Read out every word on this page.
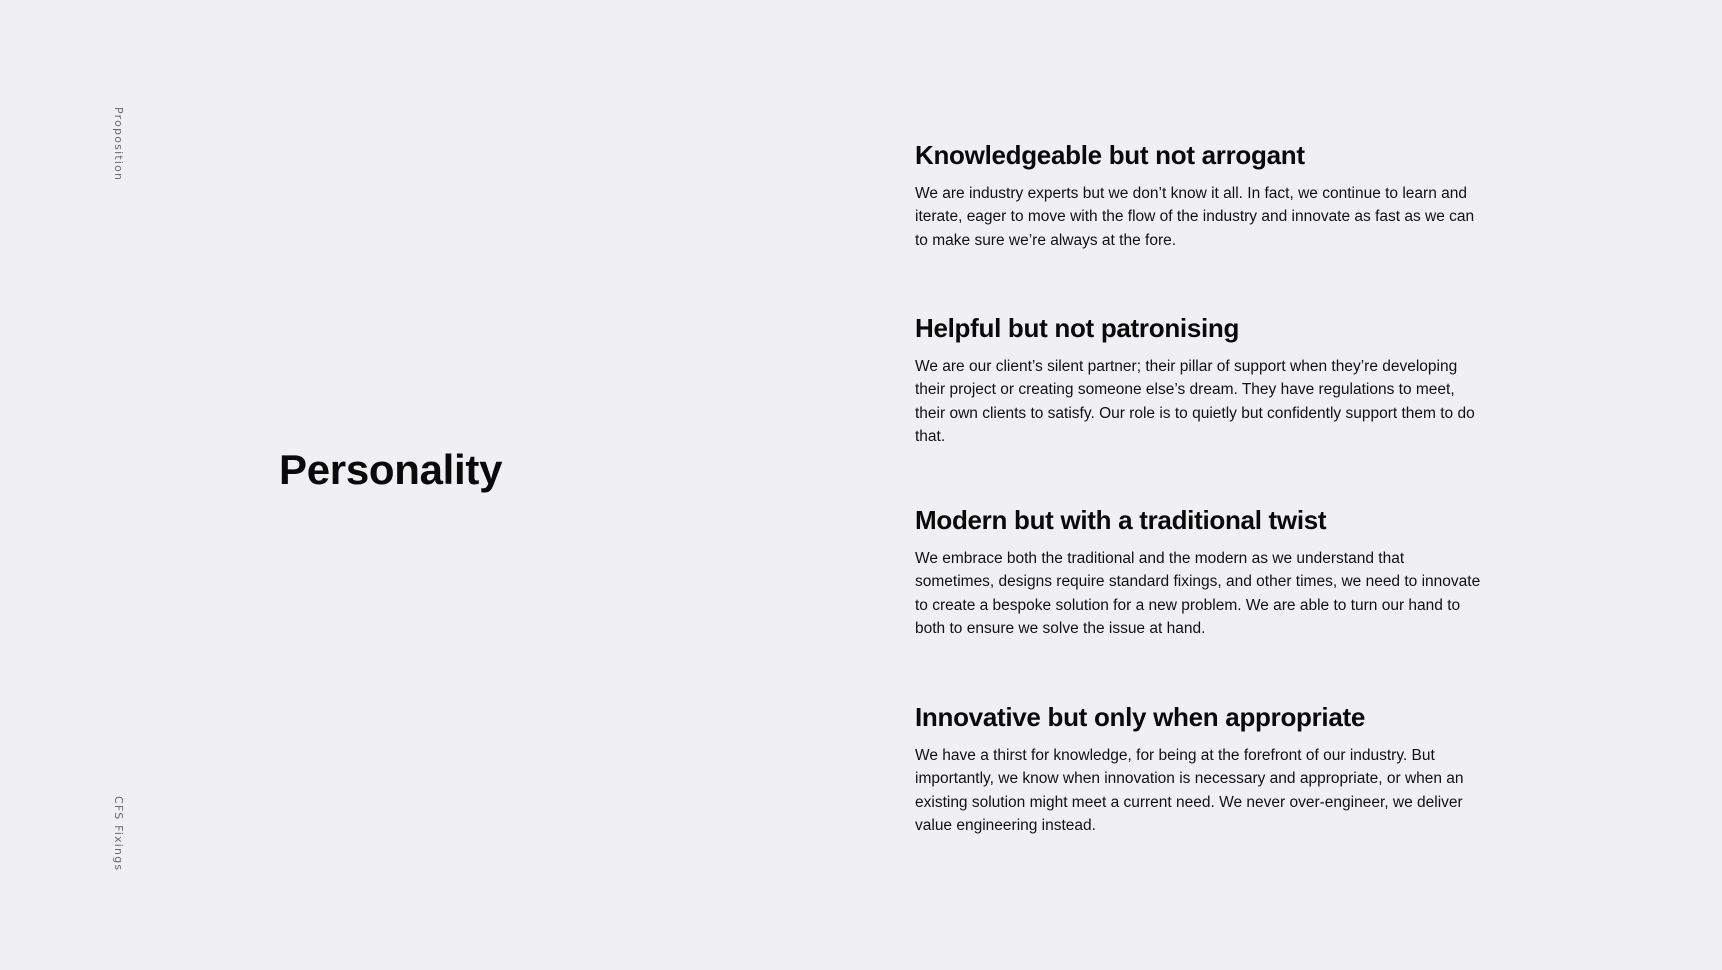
Proposition
CFS Fixings
Personality
Knowledgeable but not arrogant

We are industry experts but we don’t know it all. In fact, we continue to learn and iterate, eager to move with the flow of the industry and innovate as fast as we can to make sure we’re always at the fore.

Helpful but not patronising

We are our client’s silent partner; their pillar of support when they’re developing their project or creating someone else’s dream. They have regulations to meet, their own clients to satisfy. Our role is to quietly but confidently support them to do that.

Modern but with a traditional twist

We embrace both the traditional and the modern as we understand that sometimes, designs require standard fixings, and other times, we need to innovate to create a bespoke solution for a new problem. We are able to turn our hand to both to ensure we solve the issue at hand.

Innovative but only when appropriate

We have a thirst for knowledge, for being at the forefront of our industry. But importantly, we know when innovation is necessary and appropriate, or when an existing solution might meet a current need. We never over-engineer, we deliver value engineering instead.
